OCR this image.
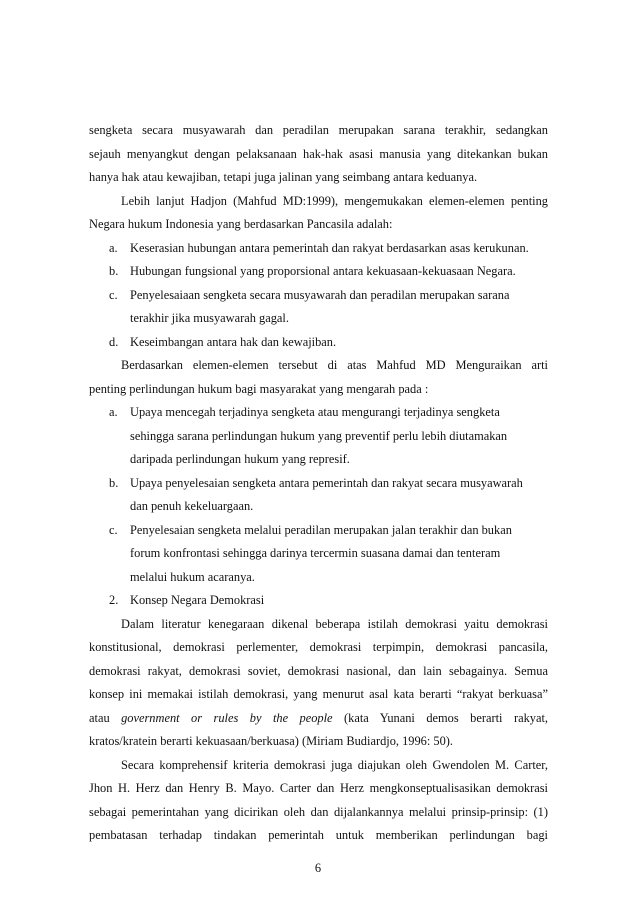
sengketa secara musyawarah dan peradilan merupakan sarana terakhir, sedangkan
sejauh menyangkut dengan pelaksanaan hak-hak asasi manusia yang ditekankan bukan
hanya hak atau kewajiban, tetapi juga jalinan yang seimbang antara keduanya.
Lebih lanjut Hadjon (Mahfud MD:1999), mengemukakan elemen-elemen penting
Negara hukum Indonesia yang berdasarkan Pancasila adalah:
a. Keserasian hubungan antara pemerintah dan rakyat berdasarkan asas kerukunan.
b. Hubungan fungsional yang proporsional antara kekuasaan-kekuasaan Negara.
c. Penyelesaiaan sengketa secara musyawarah dan peradilan merupakan sarana
terakhir jika musyawarah gagal.
d. Keseimbangan antara hak dan kewajiban.
Berdasarkan elemen-elemen tersebut di atas Mahfud MD Menguraikan arti
penting perlindungan hukum bagi masyarakat yang mengarah pada :
a. Upaya mencegah terjadinya sengketa atau mengurangi terjadinya sengketa
sehingga sarana perlindungan hukum yang preventif perlu lebih diutamakan
daripada perlindungan hukum yang represif.
b. Upaya penyelesaian sengketa antara pemerintah dan rakyat secara musyawarah
dan penuh kekeluargaan.
c. Penyelesaian sengketa melalui peradilan merupakan jalan terakhir dan bukan
forum konfrontasi sehingga darinya tercermin suasana damai dan tenteram
melalui hukum acaranya.
2. Konsep Negara Demokrasi
Dalam literatur kenegaraan dikenal beberapa istilah demokrasi yaitu demokrasi
konstitusional, demokrasi perlementer, demokrasi terpimpin, demokrasi pancasila,
demokrasi rakyat, demokrasi soviet, demokrasi nasional, dan lain sebagainya. Semua
konsep ini memakai istilah demokrasi, yang menurut asal kata berarti “rakyat berkuasa”
atau government or rules by the people (kata Yunani demos berarti rakyat,
kratos/kratein berarti kekuasaan/berkuasa) (Miriam Budiardjo, 1996: 50).
Secara komprehensif kriteria demokrasi juga diajukan oleh Gwendolen M. Carter,
Jhon H. Herz dan Henry B. Mayo. Carter dan Herz mengkonseptualisasikan demokrasi
sebagai pemerintahan yang dicirikan oleh dan dijalankannya melalui prinsip-prinsip: (1)
pembatasan terhadap tindakan pemerintah untuk memberikan perlindungan bagi
6
